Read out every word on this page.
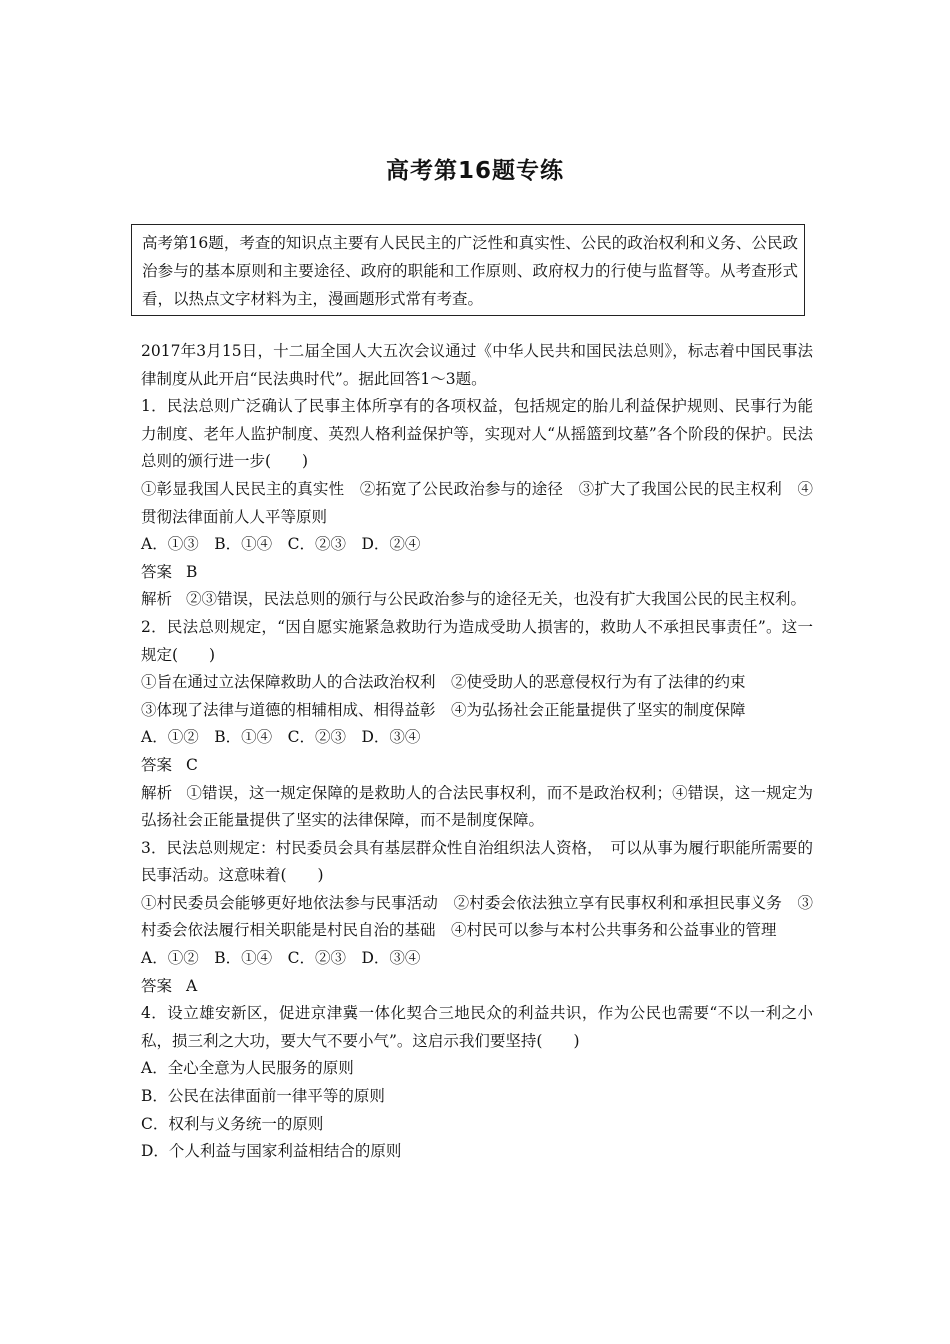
高考第16题专练

高考第16题，考查的知识点主要有人民民主的广泛性和真实性、公民的政治权利和义务、公民政治参与的基本原则和主要途径、政府的职能和工作原则、政府权力的行使与监督等。从考查形式看，以热点文字材料为主，漫画题形式常有考查。

2017年3月15日，十二届全国人大五次会议通过《中华人民共和国民法总则》，标志着中国民事法律制度从此开启“民法典时代”。据此回答1～3题。

1．民法总则广泛确认了民事主体所享有的各项权益，包括规定的胎儿利益保护规则、民事行为能力制度、老年人监护制度、英烈人格利益保护等，实现对人“从摇篮到坟墓”各个阶段的保护。民法总则的颁行进一步(　　)

①彰显我国人民民主的真实性　②拓宽了公民政治参与的途径　③扩大了我国公民的民主权利　④贯彻法律面前人人平等原则

A．①③　B．①④　C．②③　D．②④
答案 B

解析 ②③错误，民法总则的颁行与公民政治参与的途径无关，也没有扩大我国公民的民主权利。

2．民法总则规定，“因自愿实施紧急救助行为造成受助人损害的，救助人不承担民事责任”。这一规定(　　)

①旨在通过立法保障救助人的合法政治权利　②使受助人的恶意侵权行为有了法律的约束
③体现了法律与道德的相辅相成、相得益彰　④为弘扬社会正能量提供了坚实的制度保障
A．①②　B．①④　C．②③　D．③④
答案 C

解析 ①错误，这一规定保障的是救助人的合法民事权利，而不是政治权利；④错误，这一规定为弘扬社会正能量提供了坚实的法律保障，而不是制度保障。

3．民法总则规定：村民委员会具有基层群众性自治组织法人资格，　可以从事为履行职能所需要的民事活动。这意味着(　　)

①村民委员会能够更好地依法参与民事活动　②村委会依法独立享有民事权利和承担民事义务　③村委会依法履行相关职能是村民自治的基础　④村民可以参与本村公共事务和公益事业的管理

A．①②　B．①④　C．②③　D．③④
答案 A

4．设立雄安新区，促进京津冀一体化契合三地民众的利益共识，作为公民也需要“不以一利之小私，损三利之大功，要大气不要小气”。这启示我们要坚持(　　)

A．全心全意为人民服务的原则
B．公民在法律面前一律平等的原则
C．权利与义务统一的原则
D．个人利益与国家利益相结合的原则
